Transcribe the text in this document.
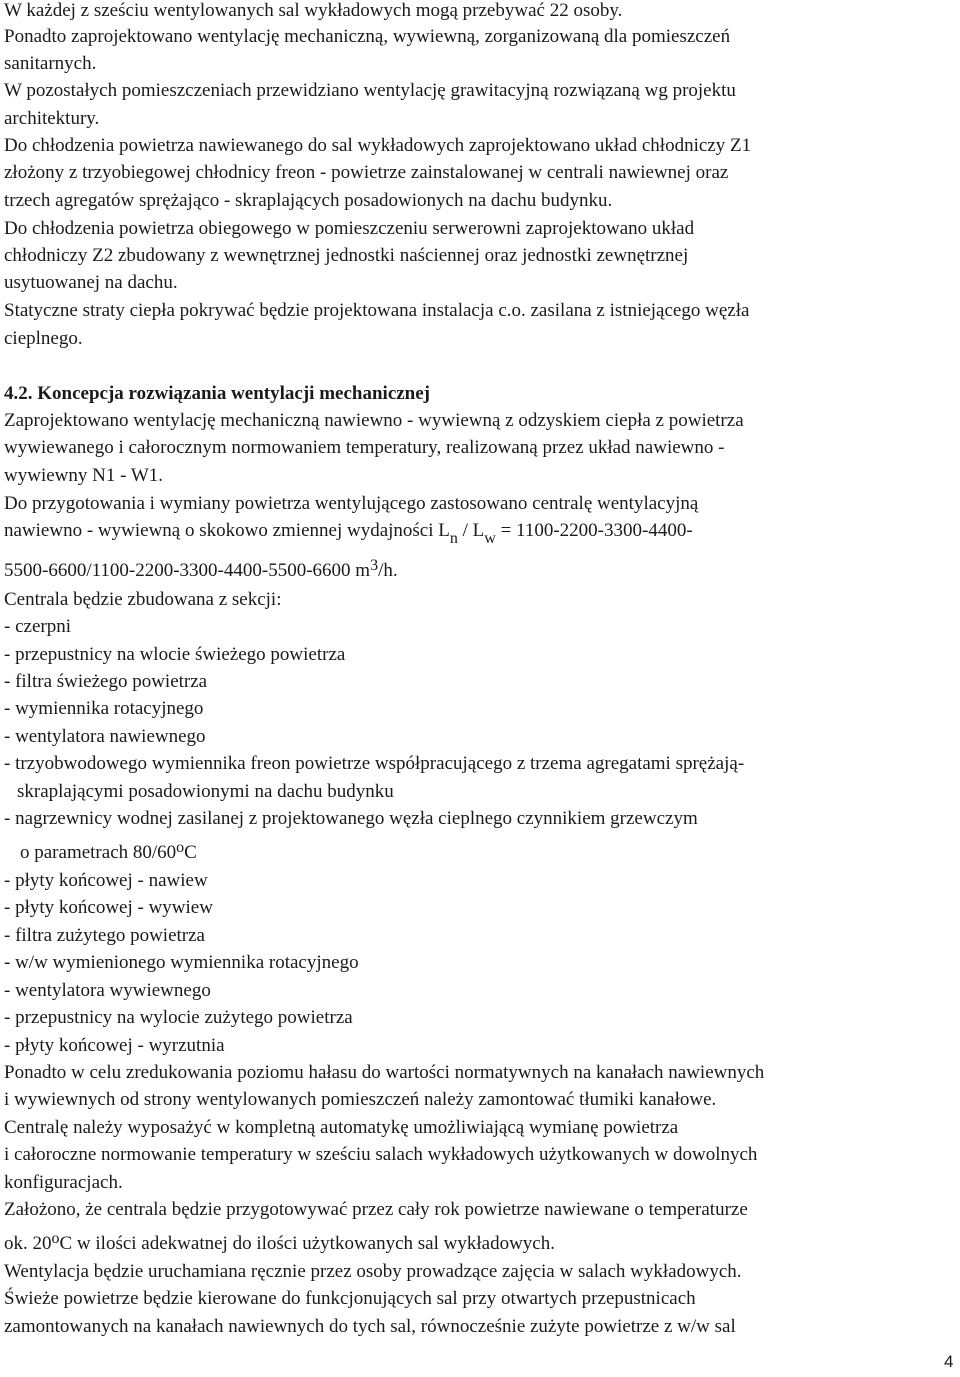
W każdej z sześciu wentylowanych sal wykładowych mogą przebywać 22 osoby.
Ponadto zaprojektowano wentylację mechaniczną, wywiewną, zorganizowaną dla pomieszczeń
sanitarnych.
W pozostałych pomieszczeniach przewidziano wentylację grawitacyjną rozwiązaną wg projektu
architektury.
Do chłodzenia powietrza nawiewanego do sal wykładowych zaprojektowano układ chłodniczy Z1
złożony z trzyobiegowej chłodnicy freon - powietrze zainstalowanej w centrali nawiewnej oraz
trzech agregatów sprężająco - skraplających posadowionych na dachu budynku.
Do chłodzenia powietrza obiegowego w pomieszczeniu serwerowni zaprojektowano układ
chłodniczy Z2 zbudowany z wewnętrznej jednostki naściennej oraz jednostki zewnętrznej
usytuowanej na dachu.
Statyczne straty ciepła pokrywać będzie projektowana instalacja c.o. zasilana z istniejącego węzła
cieplnego.
4.2. Koncepcja rozwiązania wentylacji mechanicznej
Zaprojektowano wentylację mechaniczną nawiewno - wywiewną z odzyskiem ciepła z powietrza
wywiewanego i całorocznym normowaniem temperatury, realizowaną przez układ nawiewno -
wywiewny N1 - W1.
Do przygotowania i wymiany powietrza wentylującego zastosowano centralę wentylacyjną
nawiewno - wywiewną o skokowo zmiennej wydajności $L_n / L_w = 1100-2200-3300-4400-$
5500-6600/1100-2200-3300-4400-5500-6600 $m^3/h$.
Centrala będzie zbudowana z sekcji:
- czerpni
- przepustnicy na wlocie świeżego powietrza
- filtra świeżego powietrza
- wymiennika rotacyjnego
- wentylatora nawiewnego
- trzyobwodowego wymiennika freon powietrze współpracującego z trzema agregatami sprężają-
skraplającymi posadowionymi na dachu budynku
- nagrzewnicy wodnej zasilanej z projektowanego węzła cieplnego czynnikiem grzewczym
o parametrach 80/60$^o$C
- płyty końcowej - nawiew
- płyty końcowej - wywiew
- filtra zużytego powietrza
- w/w wymienionego wymiennika rotacyjnego
- wentylatora wywiewnego
- przepustnicy na wylocie zużytego powietrza
- płyty końcowej - wyrzutnia
Ponadto w celu zredukowania poziomu hałasu do wartości normatywnych na kanałach nawiewnych
i wywiewnych od strony wentylowanych pomieszczeń należy zamontować tłumiki kanałowe.
Centralę należy wyposażyć w kompletną automatykę umożliwiającą wymianę powietrza
i całoroczne normowanie temperatury w sześciu salach wykładowych użytkowanych w dowolnych
konfiguracjach.
Założono, że centrala będzie przygotowywać przez cały rok powietrze nawiewane o temperaturze
ok. 20$^o$C w ilości adekwatnej do ilości użytkowanych sal wykładowych.
Wentylacja będzie uruchamiana ręcznie przez osoby prowadzące zajęcia w salach wykładowych.
Świeże powietrze będzie kierowane do funkcjonujących sal przy otwartych przepustnicach
zamontowanych na kanałach nawiewnych do tych sal, równocześnie zużyte powietrze z w/w sal
4
